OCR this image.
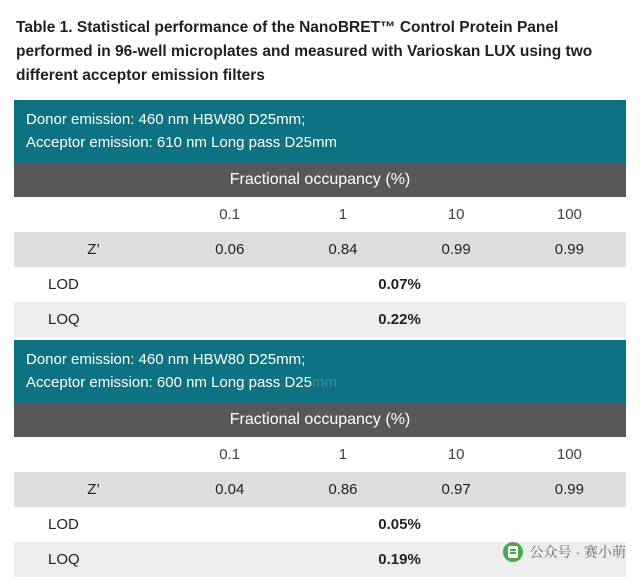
Table 1. Statistical performance of the NanoBRET™ Control Protein Panel performed in 96-well microplates and measured with Varioskan LUX using two different acceptor emission filters
Donor emission: 460 nm HBW80 D25mm;
Acceptor emission: 610 nm Long pass D25mm
Fractional occupancy (%)
	0.1	1	10	100
Z’	0.06	0.84	0.99	0.99
LOD	0.07%			
LOQ	0.22%			
Donor emission: 460 nm HBW80 D25mm;
Acceptor emission: 600 nm Long pass D25mm
Fractional occupancy (%)
	0.1	1	10	100
Z’	0.04	0.86	0.97	0.99
LOD	0.05%			
LOQ	0.19%				公众号 · 赛小萌
